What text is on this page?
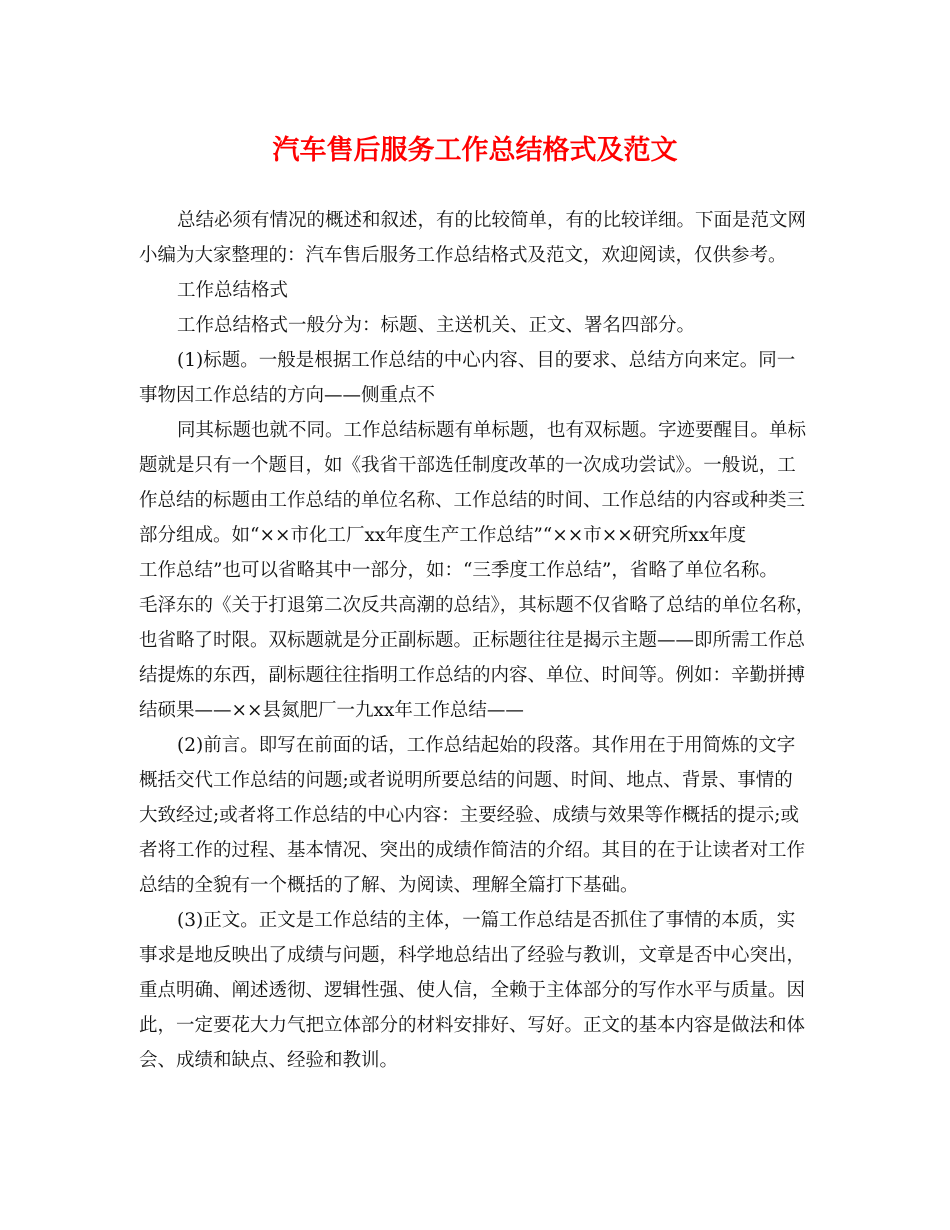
汽车售后服务工作总结格式及范文
总结必须有情况的概述和叙述，有的比较简单，有的比较详细。下面是范文网
小编为大家整理的：汽车售后服务工作总结格式及范文，欢迎阅读，仅供参考。
工作总结格式
工作总结格式一般分为：标题、主送机关、正文、署名四部分。
(1)标题。一般是根据工作总结的中心内容、目的要求、总结方向来定。同一
事物因工作总结的方向——侧重点不
同其标题也就不同。工作总结标题有单标题，也有双标题。字迹要醒目。单标
题就是只有一个题目，如《我省干部选任制度改革的一次成功尝试》。一般说，工
作总结的标题由工作总结的单位名称、工作总结的时间、工作总结的内容或种类三
部分组成。如“××市化工厂xx年度生产工作总结”“××市××研究所xx年度
工作总结”也可以省略其中一部分，如：“三季度工作总结”，省略了单位名称。
毛泽东的《关于打退第二次反共高潮的总结》，其标题不仅省略了总结的单位名称，
也省略了时限。双标题就是分正副标题。正标题往往是揭示主题——即所需工作总
结提炼的东西，副标题往往指明工作总结的内容、单位、时间等。例如：辛勤拼搏
结硕果——××县氮肥厂一九xx年工作总结——
(2)前言。即写在前面的话，工作总结起始的段落。其作用在于用简炼的文字
概括交代工作总结的问题;或者说明所要总结的问题、时间、地点、背景、事情的
大致经过;或者将工作总结的中心内容：主要经验、成绩与效果等作概括的提示;或
者将工作的过程、基本情况、突出的成绩作简洁的介绍。其目的在于让读者对工作
总结的全貌有一个概括的了解、为阅读、理解全篇打下基础。
(3)正文。正文是工作总结的主体，一篇工作总结是否抓住了事情的本质，实
事求是地反映出了成绩与问题，科学地总结出了经验与教训，文章是否中心突出，
重点明确、阐述透彻、逻辑性强、使人信，全赖于主体部分的写作水平与质量。因
此，一定要花大力气把立体部分的材料安排好、写好。正文的基本内容是做法和体
会、成绩和缺点、经验和教训。
